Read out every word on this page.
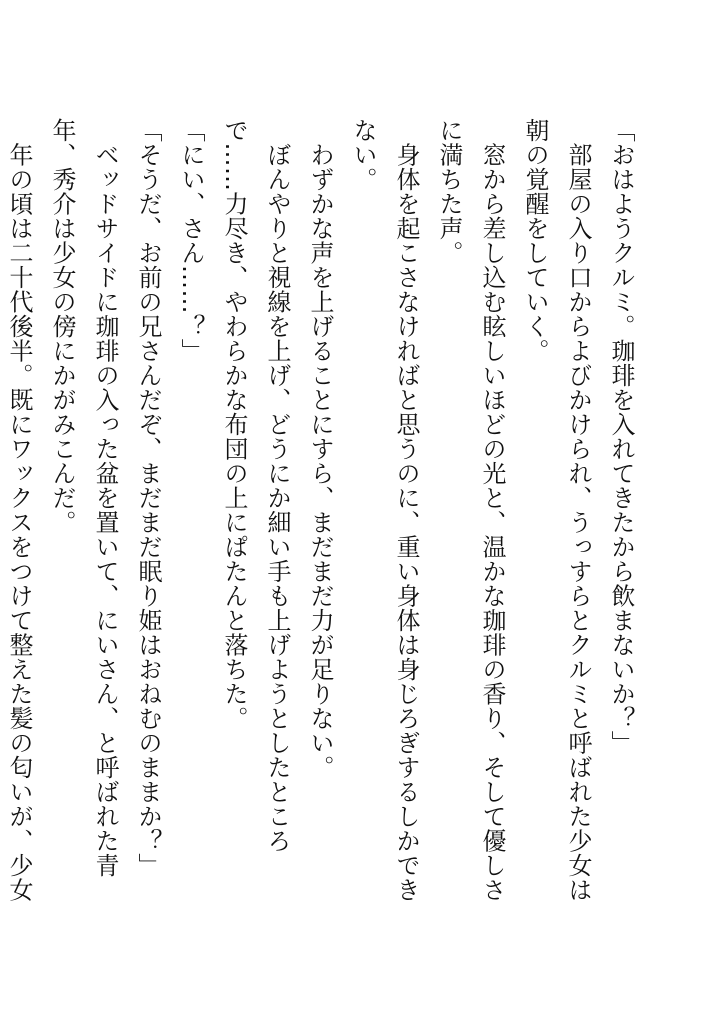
「おはようクルミ。珈琲を入れてきたから飲まないか？」

　部屋の入り口からよびかけられ、うっすらとクルミと呼ばれた少女は朝の覚醒をしていく。

　窓から差し込む眩しいほどの光と、温かな珈琲の香り、そして優しさに満ちた声。

　身体を起こさなければと思うのに、重い身体は身じろぎするしかできない。

　わずかな声を上げることにすら、まだまだ力が足りない。

　ぼんやりと視線を上げ、どうにか細い手も上げようとしたところで……力尽き、やわらかな布団の上にぱたんと落ちた。

「にい、さん……？」

「そうだ、お前の兄さんだぞ、まだまだ眠り姫はおねむのままか？」

　ベッドサイドに珈琲の入った盆を置いて、にいさん、と呼ばれた青年、秀介は少女の傍にかがみこんだ。

　年の頃は二十代後半。既にワックスをつけて整えた髪の匂いが、少女
